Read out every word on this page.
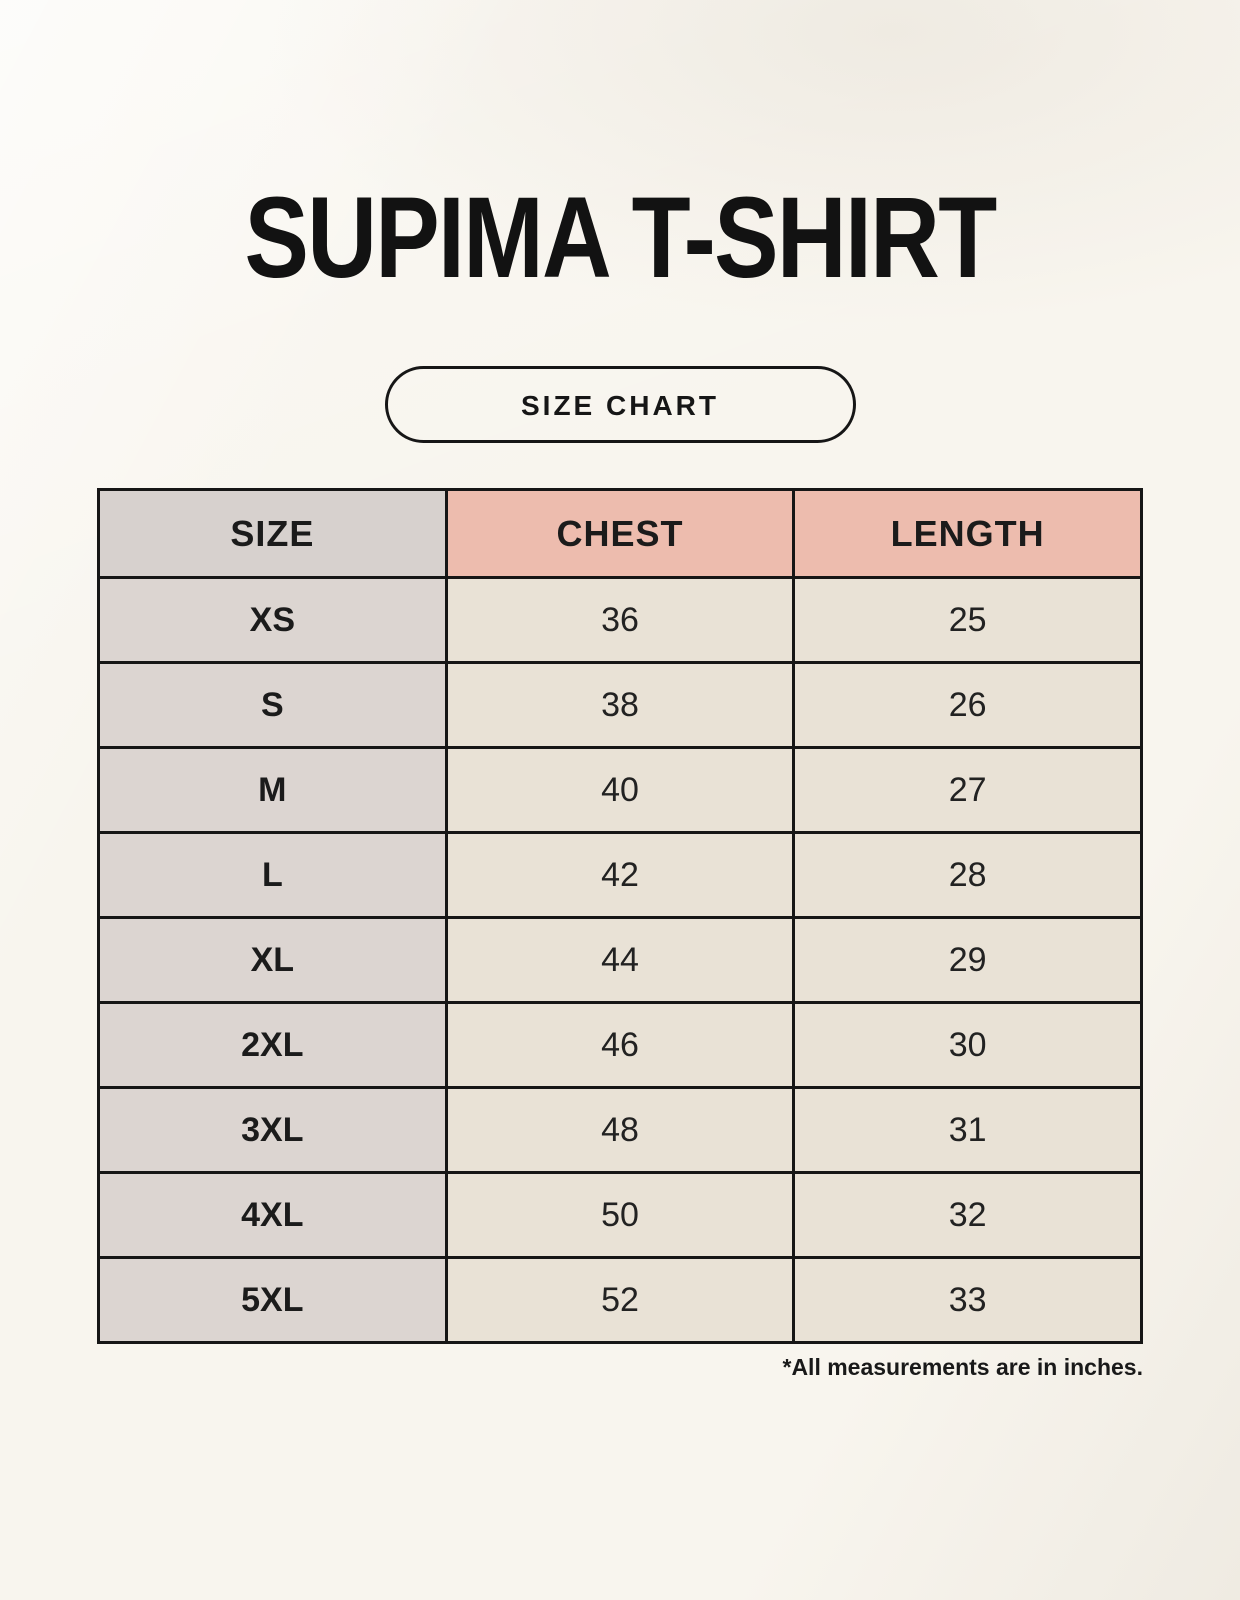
SUPIMA T-SHIRT
SIZE CHART
SIZE	CHEST	LENGTH
XS	36	25
S	38	26
M	40	27
L	42	28
XL	44	29
2XL	46	30
3XL	48	31
4XL	50	32
5XL	52	33

*All measurements are in inches.
